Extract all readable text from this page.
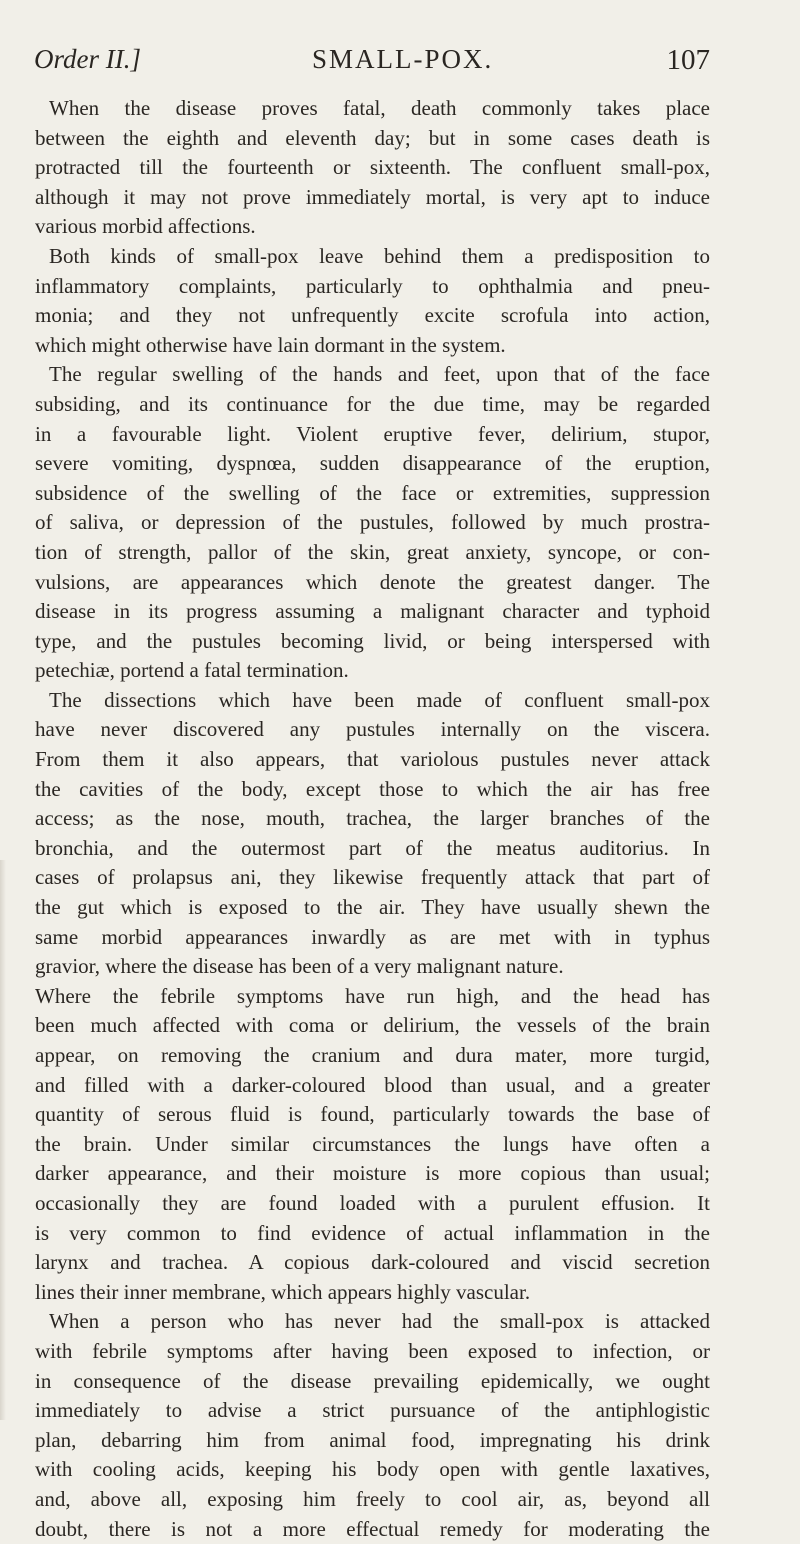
Order II.]	SMALL-POX.	107
When the disease proves fatal, death commonly takes place
between the eighth and eleventh day; but in some cases death is
protracted till the fourteenth or sixteenth. The confluent small-pox,
although it may not prove immediately mortal, is very apt to induce
various morbid affections.
Both kinds of small-pox leave behind them a predisposition to
inflammatory complaints, particularly to ophthalmia and pneu-
monia; and they not unfrequently excite scrofula into action,
which might otherwise have lain dormant in the system.
The regular swelling of the hands and feet, upon that of the face
subsiding, and its continuance for the due time, may be regarded
in a favourable light. Violent eruptive fever, delirium, stupor,
severe vomiting, dyspnœa, sudden disappearance of the eruption,
subsidence of the swelling of the face or extremities, suppression
of saliva, or depression of the pustules, followed by much prostra-
tion of strength, pallor of the skin, great anxiety, syncope, or con-
vulsions, are appearances which denote the greatest danger. The
disease in its progress assuming a malignant character and typhoid
type, and the pustules becoming livid, or being interspersed with
petechiæ, portend a fatal termination.
The dissections which have been made of confluent small-pox
have never discovered any pustules internally on the viscera.
From them it also appears, that variolous pustules never attack
the cavities of the body, except those to which the air has free
access; as the nose, mouth, trachea, the larger branches of the
bronchia, and the outermost part of the meatus auditorius. In
cases of prolapsus ani, they likewise frequently attack that part of
the gut which is exposed to the air. They have usually shewn the
same morbid appearances inwardly as are met with in typhus
gravior, where the disease has been of a very malignant nature.
Where the febrile symptoms have run high, and the head has
been much affected with coma or delirium, the vessels of the brain
appear, on removing the cranium and dura mater, more turgid,
and filled with a darker-coloured blood than usual, and a greater
quantity of serous fluid is found, particularly towards the base of
the brain. Under similar circumstances the lungs have often a
darker appearance, and their moisture is more copious than usual;
occasionally they are found loaded with a purulent effusion. It
is very common to find evidence of actual inflammation in the
larynx and trachea. A copious dark-coloured and viscid secretion
lines their inner membrane, which appears highly vascular.
When a person who has never had the small-pox is attacked
with febrile symptoms after having been exposed to infection, or
in consequence of the disease prevailing epidemically, we ought
immediately to advise a strict pursuance of the antiphlogistic
plan, debarring him from animal food, impregnating his drink
with cooling acids, keeping his body open with gentle laxatives,
and, above all, exposing him freely to cool air, as, beyond all
doubt, there is not a more effectual remedy for moderating the
